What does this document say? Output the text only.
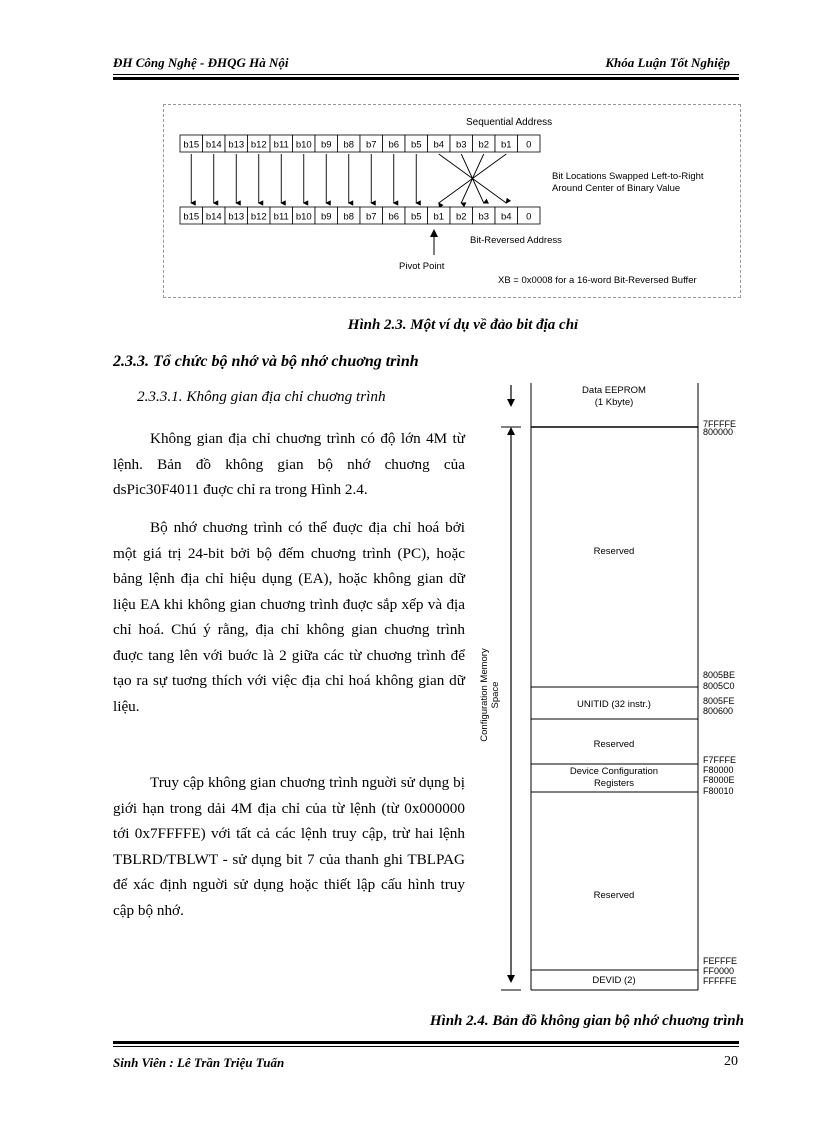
ĐH Công Nghệ - ĐHQG Hà Nội	Khóa Luận Tốt Nghiệp
Sequential Address
b15 b14 b13 b12 b11 b10 b9 b8 b7 b6 b5 b4 b3 b2 b1 0
b15 b14 b13 b12 b11 b10 b9 b8 b7 b6 b5 b1 b2 b3 b4 0
Bit Locations Swapped Left-to-Right
Around Center of Binary Value
Bit-Reversed Address
Pivot Point
XB = 0x0008 for a 16-word Bit-Reversed Buffer
Hình 2.3. Một ví dụ về đảo bit địa chỉ
2.3.3. Tổ chức bộ nhớ và bộ nhớ chuơng trình
2.3.3.1. Không gian địa chỉ chuơng trình

Không gian địa chỉ chuơng trình có độ lớn 4M từ lệnh. Bản đồ không gian bộ nhớ chuơng của dsPic30F4011 đuợc chỉ ra trong Hình 2.4.

Bộ nhớ chuơng trình có thể đuợc địa chỉ hoá bởi một giá trị 24-bit bởi bộ đếm chuơng trình (PC), hoặc bảng lệnh địa chỉ hiệu dụng (EA), hoặc không gian dữ liệu EA khi không gian chuơng trình đuợc sắp xếp và địa chỉ hoá. Chú ý rằng, địa chỉ không gian chuơng trình đuợc tang lên với buớc là 2 giữa các từ chuơng trình để tạo ra sự tuơng thích với việc địa chỉ hoá không gian dữ liệu.

Truy cập không gian chuơng trình nguời sử dụng bị giới hạn trong dải 4M địa chỉ của từ lệnh (từ 0x000000 tới 0x7FFFFE) với tất cả các lệnh truy cập, trừ hai lệnh TBLRD/TBLWT - sử dụng bit 7 của thanh ghi TBLPAG để xác định nguời sử dụng hoặc thiết lập cấu hình truy cập bộ nhớ.

Data EEPROM
(1 Kbyte)
Reserved
UNITID (32 instr.)
Reserved
Device Configuration
Registers
Reserved
DEVID (2)
Configuration Memory Space
7FFFFE
800000
8005BE
8005C0
8005FE
800600
F7FFFE
F80000
F8000E
F80010
FEFFFE
FF0000
FFFFFE
Hình 2.4. Bản đồ không gian bộ nhớ chuơng trình
Sinh Viên : Lê Trần Triệu Tuấn	20
